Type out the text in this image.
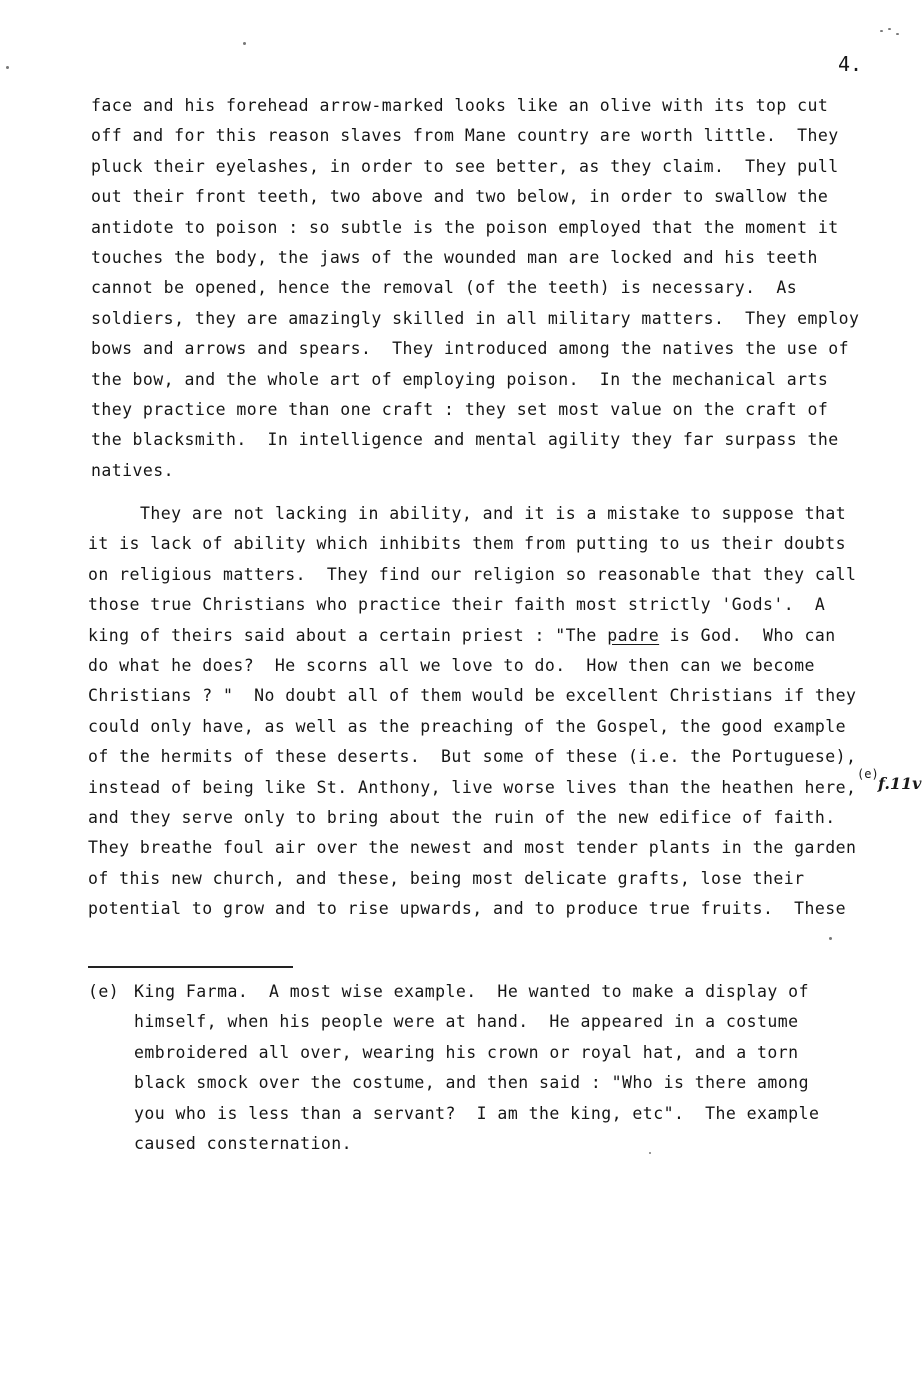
4.
face and his forehead arrow-marked looks like an olive with its top cut
off and for this reason slaves from Mane country are worth little.  They
pluck their eyelashes, in order to see better, as they claim.  They pull
out their front teeth, two above and two below, in order to swallow the
antidote to poison : so subtle is the poison employed that the moment it
touches the body, the jaws of the wounded man are locked and his teeth
cannot be opened, hence the removal (of the teeth) is necessary.  As
soldiers, they are amazingly skilled in all military matters.  They employ
bows and arrows and spears.  They introduced among the natives the use of
the bow, and the whole art of employing poison.  In the mechanical arts
they practice more than one craft : they set most value on the craft of
the blacksmith.  In intelligence and mental agility they far surpass the
natives.
They are not lacking in ability, and it is a mistake to suppose that
it is lack of ability which inhibits them from putting to us their doubts
on religious matters.  They find our religion so reasonable that they call
those true Christians who practice their faith most strictly 'Gods'.  A
king of theirs said about a certain priest : "The padre is God.  Who can
do what he does?  He scorns all we love to do.  How then can we become
Christians ? "  No doubt all of them would be excellent Christians if they
could only have, as well as the preaching of the Gospel, the good example
of the hermits of these deserts.  But some of these (i.e. the Portuguese),
instead of being like St. Anthony, live worse lives than the heathen here,
and they serve only to bring about the ruin of the new edifice of faith.
They breathe foul air over the newest and most tender plants in the garden
of this new church, and these, being most delicate grafts, lose their
potential to grow and to rise upwards, and to produce true fruits.  These
(e) f.11v
(e) King Farma.  A most wise example.  He wanted to make a display of
himself, when his people were at hand.  He appeared in a costume
embroidered all over, wearing his crown or royal hat, and a torn
black smock over the costume, and then said : "Who is there among
you who is less than a servant?  I am the king, etc".  The example
caused consternation.
